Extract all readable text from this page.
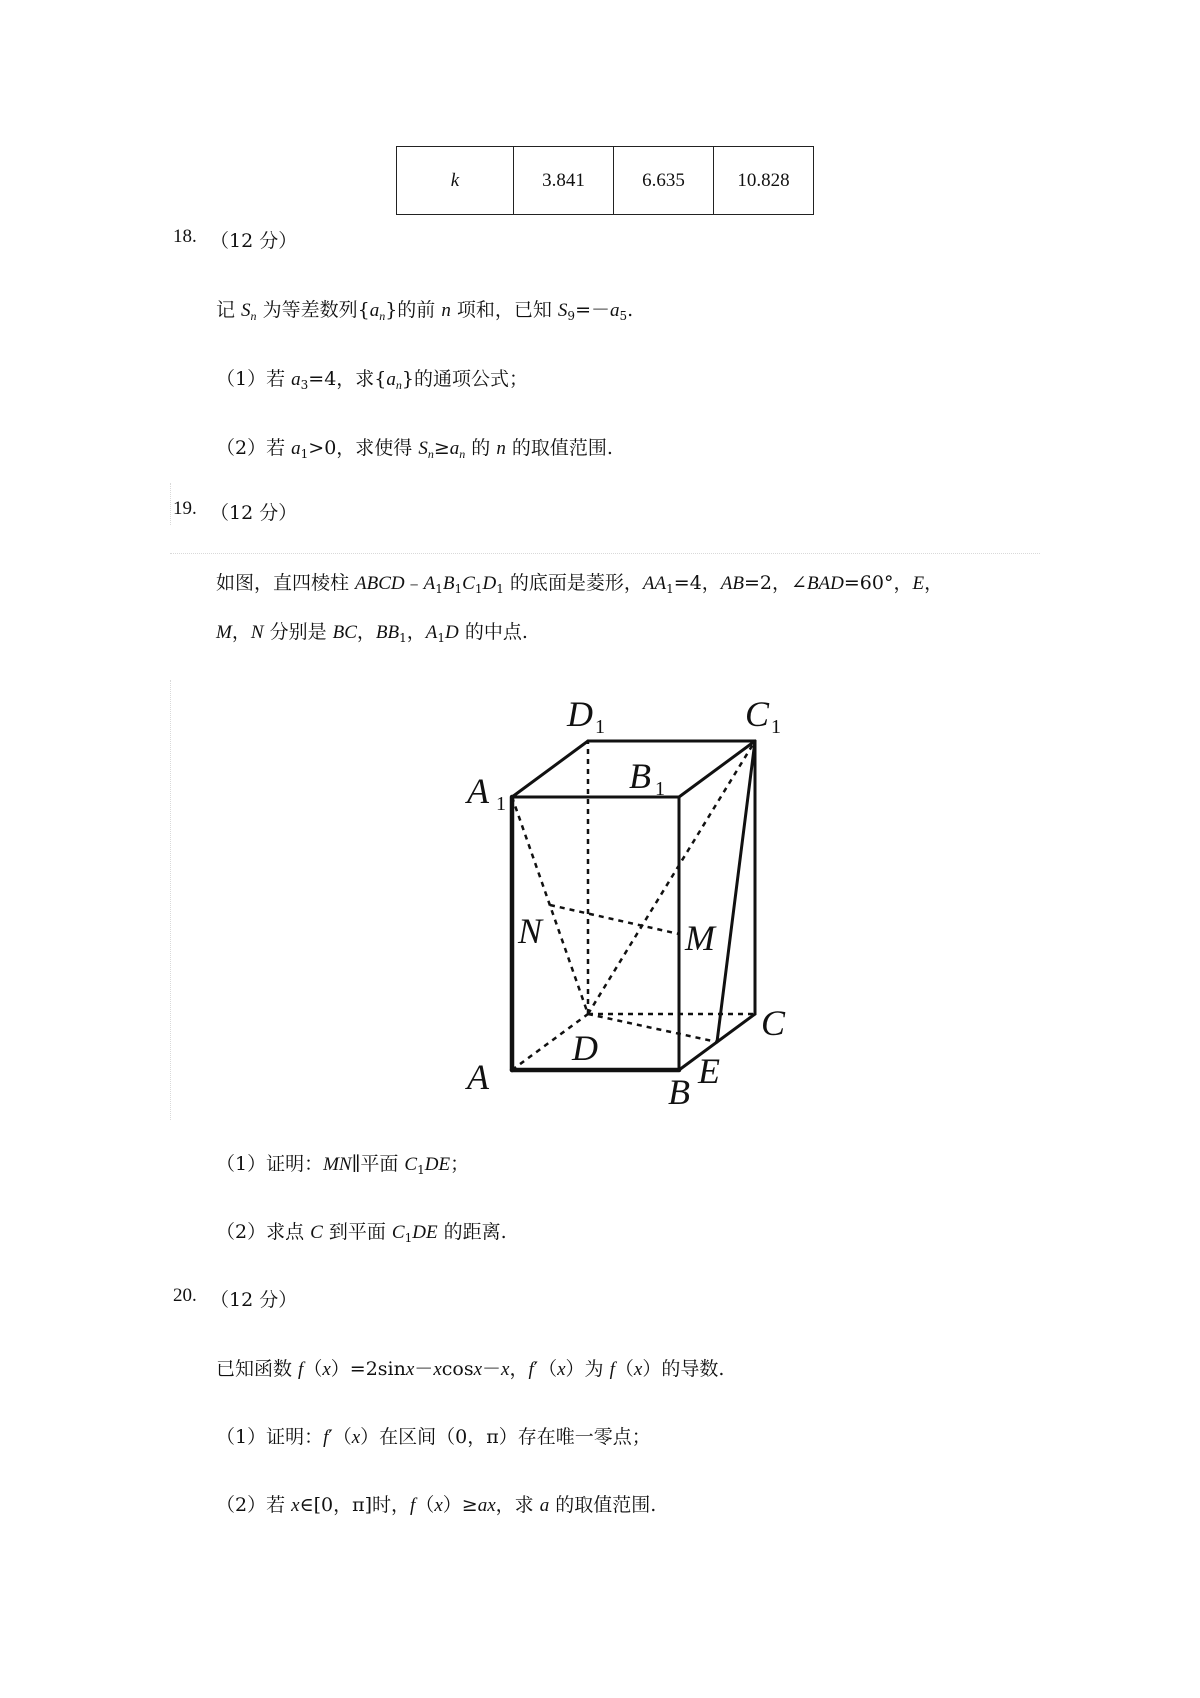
k	3.841	6.635	10.828
18. （12 分）
记 $S_n$ 为等差数列$\{a_n\}$的前 n 项和，已知 $S_9=-a_5$.
（1）若 $a_3=4$，求$\{a_n\}$的通项公式；
（2）若 $a_1>0$，求使得 $S_n\ge a_n$ 的 n 的取值范围.
19. （12 分）
如图，直四棱柱 $ABCD﹣A_1B_1C_1D_1$ 的底面是菱形，$AA_1=4$，AB=2，∠BAD=60°，E，
M，N 分别是 BC，$BB_1$，$A_1D$ 的中点.
A	B
C
D
E
M
N
A 1
B 1
C 1
D 1
（1）证明：MN∥平面 $C_1DE$；
（2）求点 C 到平面 $C_1DE$ 的距离.
20. （12 分）
已知函数 f（x）=2sinx－xcosx－x，f′（x）为 f（x）的导数.
（1）证明：f′（x）在区间（0，π）存在唯一零点；
（2）若 x∈[0，π]时，f（x）≥ax，求 a 的取值范围.
